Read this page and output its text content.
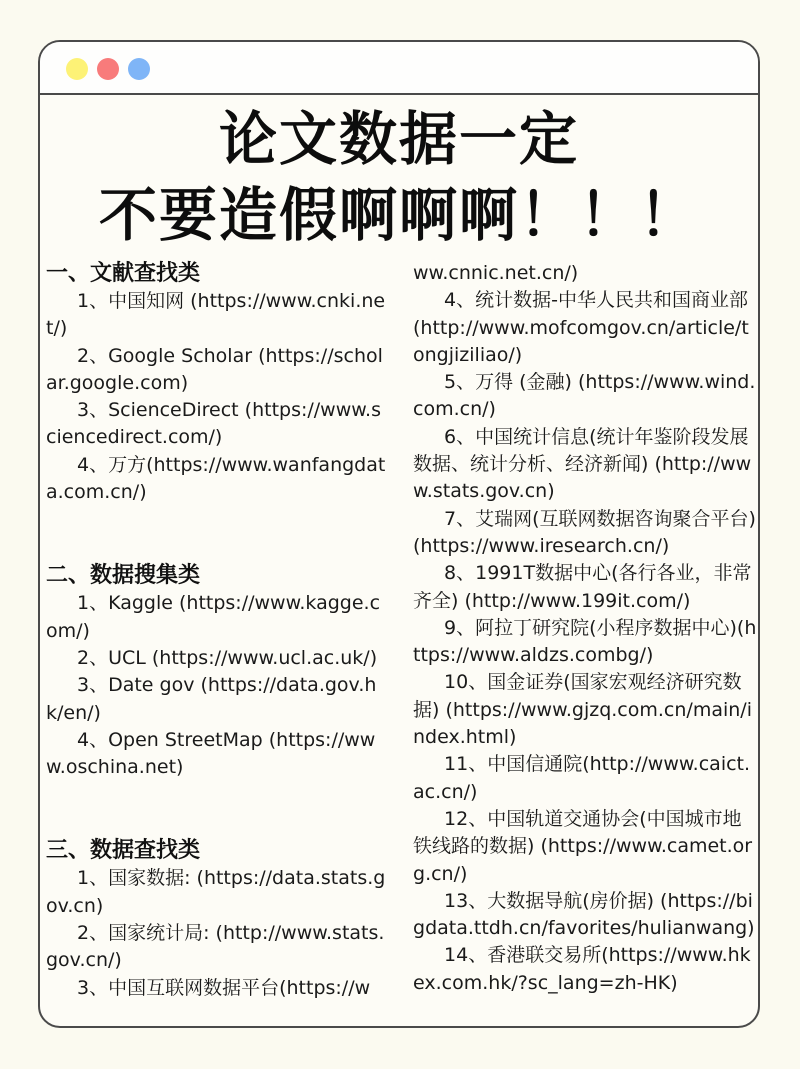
论文数据一定
不要造假啊啊啊！！！
一、文献查找类
1、中国知网 (https://www.cnki.net/)
2、Google Scholar (https://scholar.google.com)
3、ScienceDirect (https://www.sciencedirect.com/)
4、万方(https://www.wanfangdata.com.cn/)
二、数据搜集类
1、Kaggle (https://www.kagge.com/)
2、UCL (https://www.ucl.ac.uk/)
3、Date gov (https://data.gov.hk/en/)
4、Open StreetMap (https://www.oschina.net)
三、数据查找类
1、国家数据: (https://data.stats.gov.cn)
2、国家统计局: (http://www.stats.gov.cn/)
3、中国互联网数据平台(https://w
ww.cnnic.net.cn/)
4、统计数据-中华人民共和国商业部(http://www.mofcomgov.cn/article/tongjiziliao/)
5、万得 (金融) (https://www.wind.com.cn/)
6、中国统计信息(统计年鉴阶段发展数据、统计分析、经济新闻) (http://www.stats.gov.cn)
7、艾瑞网(互联网数据咨询聚合平台) (https://www.iresearch.cn/)
8、1991T数据中心(各行各业，非常齐全) (http://www.199it.com/)
9、阿拉丁研究院(小程序数据中心)(https://www.aldzs.combg/)
10、国金证券(国家宏观经济研究数据) (https://www.gjzq.com.cn/main/index.html)
11、中国信通院(http://www.caict.ac.cn/)
12、中国轨道交通协会(中国城市地铁线路的数据) (https://www.camet.org.cn/)
13、大数据导航(房价据) (https://bigdata.ttdh.cn/favorites/hulianwang)
14、香港联交易所(https://www.hkex.com.hk/?sc_lang=zh-HK)
